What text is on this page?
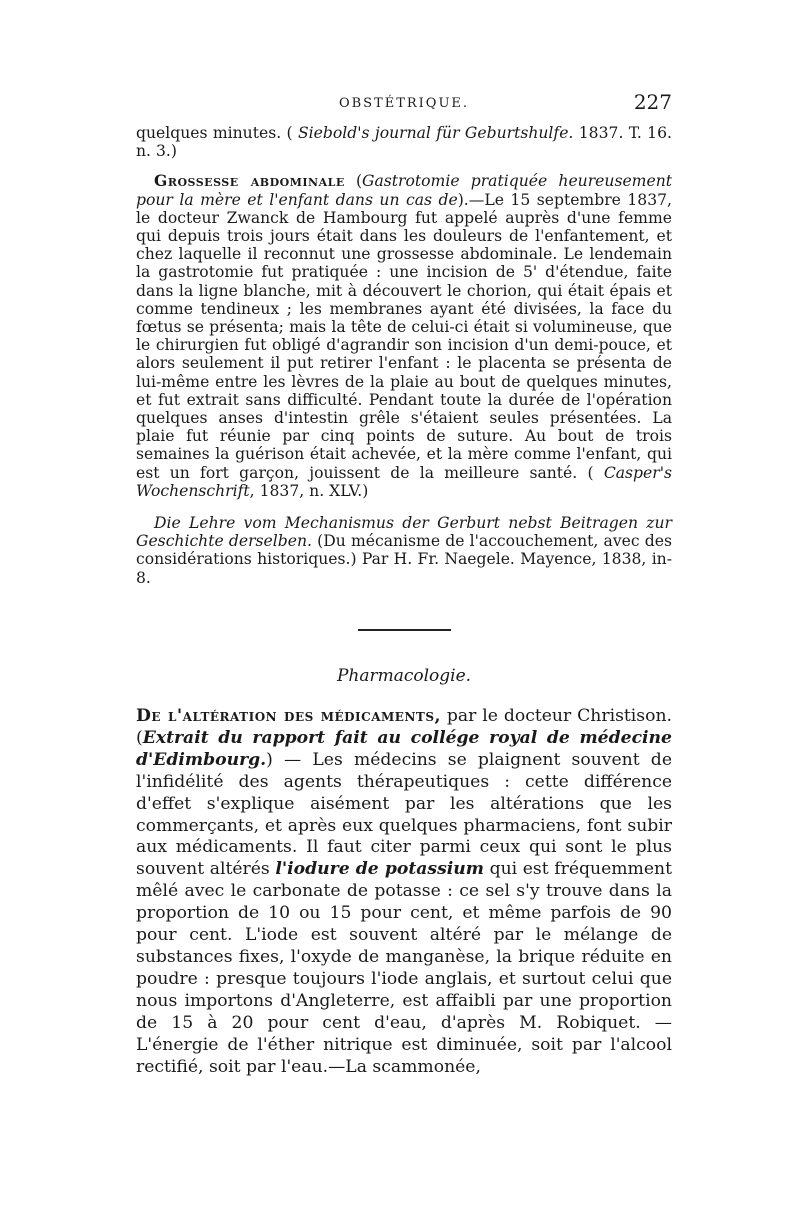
OBSTÉTRIQUE.	227

quelques minutes. ( Siebold's journal für Geburtshulfe. 1837. T. 16. n. 3.)

Grossesse abdominale (Gastrotomie pratiquée heureusement pour la mère et l'enfant dans un cas de).—Le 15 septembre 1837, le docteur Zwanck de Hambourg fut appelé auprès d'une femme qui depuis trois jours était dans les douleurs de l'enfantement, et chez laquelle il reconnut une grossesse abdominale. Le lendemain la gastrotomie fut pratiquée : une incision de 5' d'étendue, faite dans la ligne blanche, mit à découvert le chorion, qui était épais et comme tendineux ; les membranes ayant été divisées, la face du fœtus se présenta; mais la tête de celui-ci était si volumineuse, que le chirurgien fut obligé d'agrandir son incision d'un demi-pouce, et alors seulement il put retirer l'enfant : le placenta se présenta de lui-même entre les lèvres de la plaie au bout de quelques minutes, et fut extrait sans difficulté. Pendant toute la durée de l'opération quelques anses d'intestin grêle s'étaient seules présentées. La plaie fut réunie par cinq points de suture. Au bout de trois semaines la guérison était achevée, et la mère comme l'enfant, qui est un fort garçon, jouissent de la meilleure santé. ( Casper's Wochenschrift, 1837, n. XLV.)

Die Lehre vom Mechanismus der Gerburt nebst Beitragen zur Geschichte derselben. (Du mécanisme de l'accouchement, avec des considérations historiques.) Par H. Fr. Naegele. Mayence, 1838, in-8.

Pharmacologie.

De l'altération des médicaments, par le docteur Christison. (Extrait du rapport fait au collége royal de médecine d'Edimbourg.) — Les médecins se plaignent souvent de l'infidélité des agents thérapeutiques : cette différence d'effet s'explique aisément par les altérations que les commerçants, et après eux quelques pharmaciens, font subir aux médicaments. Il faut citer parmi ceux qui sont le plus souvent altérés l'iodure de potassium qui est fréquemment mêlé avec le carbonate de potasse : ce sel s'y trouve dans la proportion de 10 ou 15 pour cent, et même parfois de 90 pour cent. L'iode est souvent altéré par le mélange de substances fixes, l'oxyde de manganèse, la brique réduite en poudre : presque toujours l'iode anglais, et surtout celui que nous importons d'Angleterre, est affaibli par une proportion de 15 à 20 pour cent d'eau, d'après M. Robiquet. — L'énergie de l'éther nitrique est diminuée, soit par l'alcool rectifié, soit par l'eau.—La scammonée,
